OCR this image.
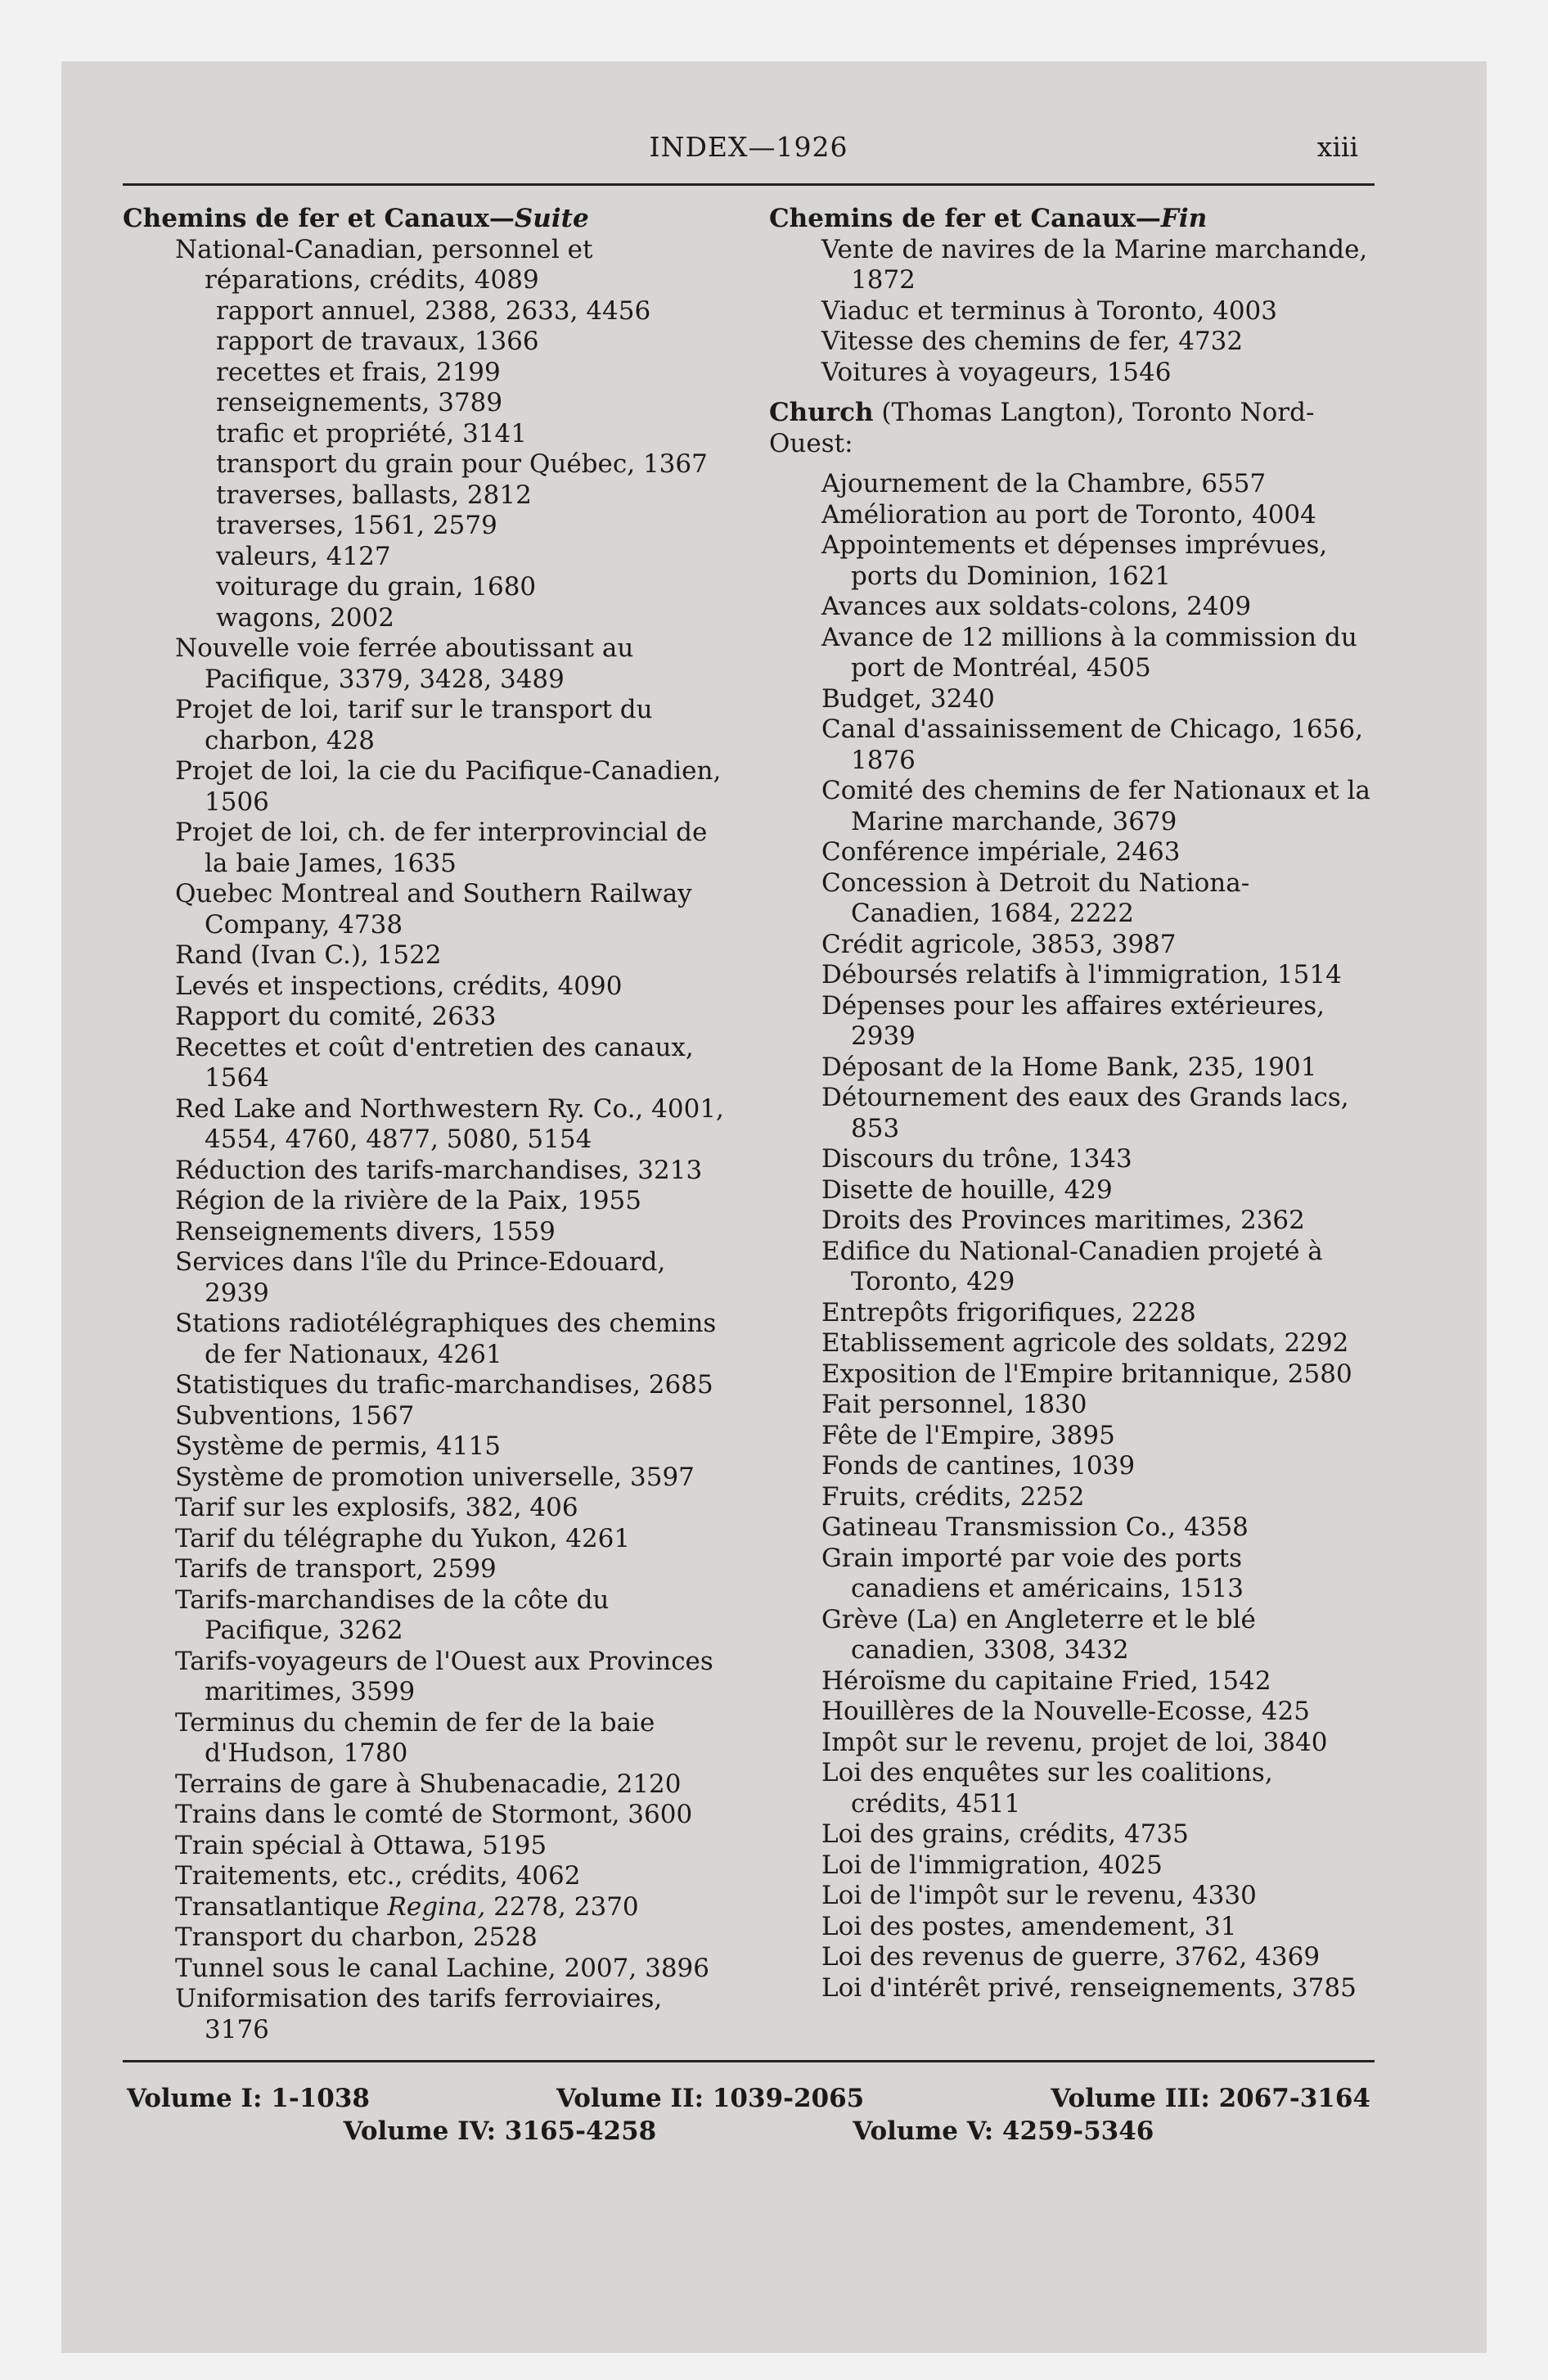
INDEX—1926	xiii
Chemins de fer et Canaux—Suite
National-Canadian, personnel et réparations, crédits, 4089
rapport annuel, 2388, 2633, 4456
rapport de travaux, 1366
recettes et frais, 2199
renseignements, 3789
trafic et propriété, 3141
transport du grain pour Québec, 1367
traverses, ballasts, 2812
traverses, 1561, 2579
valeurs, 4127
voiturage du grain, 1680
wagons, 2002
Nouvelle voie ferrée aboutissant au Pacifique, 3379, 3428, 3489
Projet de loi, tarif sur le transport du charbon, 428
Projet de loi, la cie du Pacifique-Canadien, 1506
Projet de loi, ch. de fer interprovincial de la baie James, 1635
Quebec Montreal and Southern Railway Company, 4738
Rand (Ivan C.), 1522
Levés et inspections, crédits, 4090
Rapport du comité, 2633
Recettes et coût d'entretien des canaux, 1564
Red Lake and Northwestern Ry. Co., 4001, 4554, 4760, 4877, 5080, 5154
Réduction des tarifs-marchandises, 3213
Région de la rivière de la Paix, 1955
Renseignements divers, 1559
Services dans l'île du Prince-Edouard, 2939
Stations radiotélégraphiques des chemins de fer Nationaux, 4261
Statistiques du trafic-marchandises, 2685
Subventions, 1567
Système de permis, 4115
Système de promotion universelle, 3597
Tarif sur les explosifs, 382, 406
Tarif du télégraphe du Yukon, 4261
Tarifs de transport, 2599
Tarifs-marchandises de la côte du Pacifique, 3262
Tarifs-voyageurs de l'Ouest aux Provinces maritimes, 3599
Terminus du chemin de fer de la baie d'Hudson, 1780
Terrains de gare à Shubenacadie, 2120
Trains dans le comté de Stormont, 3600
Train spécial à Ottawa, 5195
Traitements, etc., crédits, 4062
Transatlantique Regina, 2278, 2370
Transport du charbon, 2528
Tunnel sous le canal Lachine, 2007, 3896
Uniformisation des tarifs ferroviaires, 3176
Chemins de fer et Canaux—Fin
Vente de navires de la Marine marchande, 1872
Viaduc et terminus à Toronto, 4003
Vitesse des chemins de fer, 4732
Voitures à voyageurs, 1546
Church (Thomas Langton), Toronto Nord-Ouest:
Ajournement de la Chambre, 6557
Amélioration au port de Toronto, 4004
Appointements et dépenses imprévues, ports du Dominion, 1621
Avances aux soldats-colons, 2409
Avance de 12 millions à la commission du port de Montréal, 4505
Budget, 3240
Canal d'assainissement de Chicago, 1656, 1876
Comité des chemins de fer Nationaux et la Marine marchande, 3679
Conférence impériale, 2463
Concession à Detroit du Nationa-Canadien, 1684, 2222
Crédit agricole, 3853, 3987
Déboursés relatifs à l'immigration, 1514
Dépenses pour les affaires extérieures, 2939
Déposant de la Home Bank, 235, 1901
Détournement des eaux des Grands lacs, 853
Discours du trône, 1343
Disette de houille, 429
Droits des Provinces maritimes, 2362
Edifice du National-Canadien projeté à Toronto, 429
Entrepôts frigorifiques, 2228
Etablissement agricole des soldats, 2292
Exposition de l'Empire britannique, 2580
Fait personnel, 1830
Fête de l'Empire, 3895
Fonds de cantines, 1039
Fruits, crédits, 2252
Gatineau Transmission Co., 4358
Grain importé par voie des ports canadiens et américains, 1513
Grève (La) en Angleterre et le blé canadien, 3308, 3432
Héroïsme du capitaine Fried, 1542
Houillères de la Nouvelle-Ecosse, 425
Impôt sur le revenu, projet de loi, 3840
Loi des enquêtes sur les coalitions, crédits, 4511
Loi des grains, crédits, 4735
Loi de l'immigration, 4025
Loi de l'impôt sur le revenu, 4330
Loi des postes, amendement, 31
Loi des revenus de guerre, 3762, 4369
Loi d'intérêt privé, renseignements, 3785
Volume I: 1-1038	Volume II: 1039-2065	Volume III: 2067-3164
Volume IV: 3165-4258	Volume V: 4259-5346
